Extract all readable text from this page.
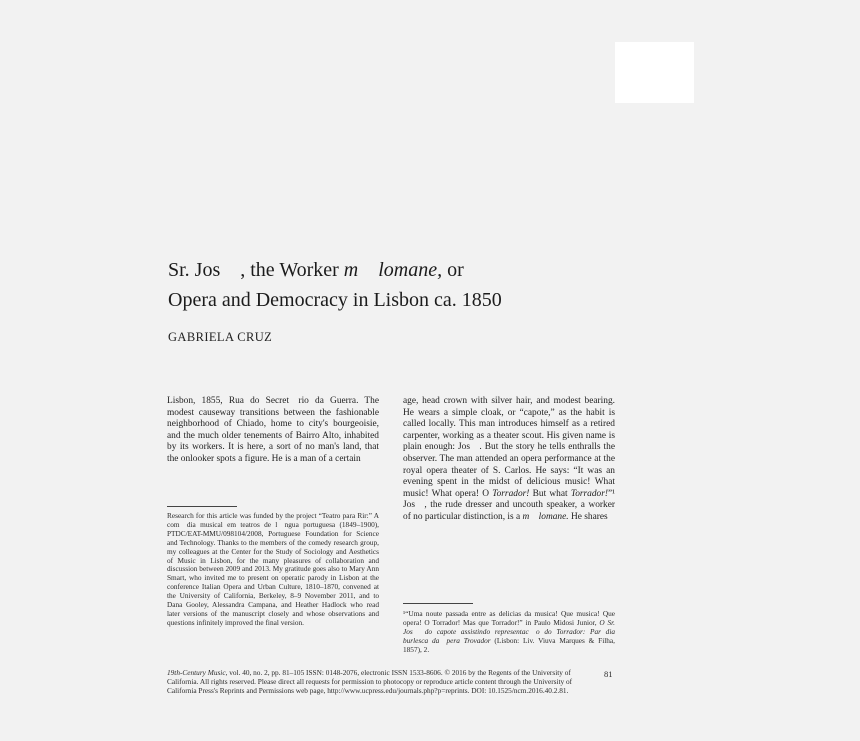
Sr. Jos , the Worker m lomane, or
Opera and Democracy in Lisbon ca. 1850
GABRIELA CRUZ
Lisbon, 1855, Rua do Secret rio da Guerra. The modest causeway transitions between the fashionable neighborhood of Chiado, home to city's bourgeoisie, and the much older tenements of Bairro Alto, inhabited by its workers. It is here, a sort of no man's land, that the onlooker spots a figure. He is a man of a certain
age, head crown with silver hair, and modest bearing. He wears a simple cloak, or “capote,” as the habit is called locally. This man introduces himself as a retired carpenter, working as a theater scout. His given name is plain enough: Jos . But the story he tells enthralls the observer. The man attended an opera performance at the royal opera theater of S. Carlos. He says: “It was an evening spent in the midst of delicious music! What music! What opera! O Torrador! But what Torrador!”¹ Jos , the rude dresser and uncouth speaker, a worker of no particular distinction, is a m lomane. He shares
Research for this article was funded by the project “Teatro para Rir:” A com dia musical em teatros de l ngua portuguesa (1849–1900), PTDC/EAT-MMU/098104/2008, Portuguese Foundation for Science and Technology. Thanks to the members of the comedy research group, my colleagues at the Center for the Study of Sociology and Aesthetics of Music in Lisbon, for the many pleasures of collaboration and discussion between 2009 and 2013. My gratitude goes also to Mary Ann Smart, who invited me to present on operatic parody in Lisbon at the conference Italian Opera and Urban Culture, 1810–1870, convened at the University of California, Berkeley, 8–9 November 2011, and to Dana Gooley, Alessandra Campana, and Heather Hadlock who read later versions of the manuscript closely and whose observations and questions infinitely improved the final version.
¹“Uma noute passada entre as delicias da musica! Que musica! Que opera! O Torrador! Mas que Torrador!” in Paulo Midosi Junior, O Sr. Jos  do capote assistindo representac o do Torrador: Par dia burlesca da pera Trovador (Lisbon: Liv. Viuva Marques & Filha, 1857), 2.
19th-Century Music, vol. 40, no. 2, pp. 81–105 ISSN: 0148-2076, electronic ISSN 1533-8606. © 2016 by the Regents of the University of California. All rights reserved. Please direct all requests for permission to photocopy or reproduce article content through the University of California Press's Reprints and Permissions web page, http://www.ucpress.edu/journals.php?p=reprints. DOI: 10.1525/ncm.2016.40.2.81.
81
